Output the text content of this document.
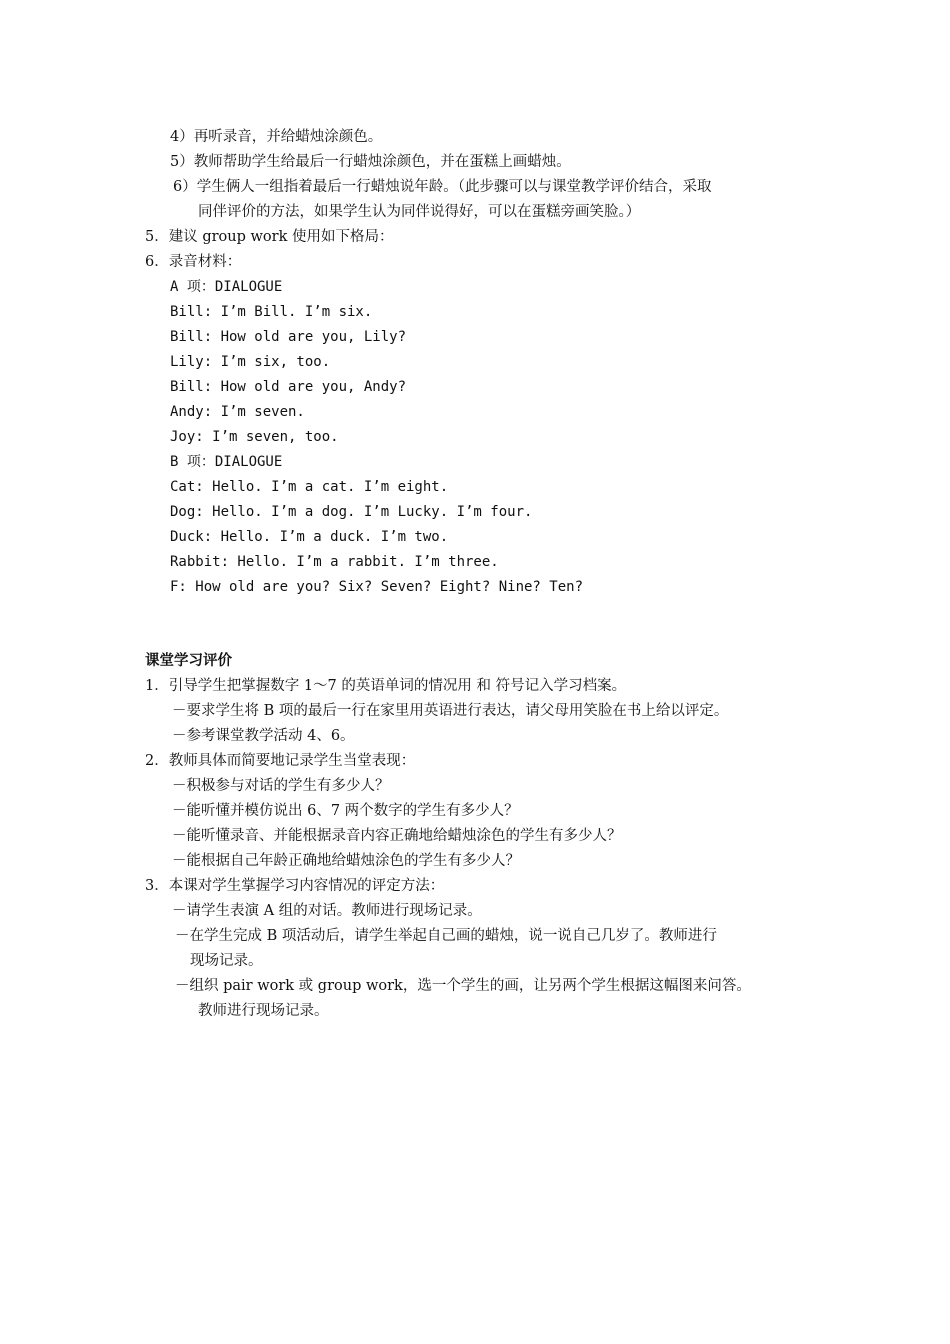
4）再听录音，并给蜡烛涂颜色。
5）教师帮助学生给最后一行蜡烛涂颜色，并在蛋糕上画蜡烛。
6）学生俩人一组指着最后一行蜡烛说年龄。（此步骤可以与课堂教学评价结合，采取
同伴评价的方法，如果学生认为同伴说得好，可以在蛋糕旁画笑脸。）
5．建议 group work 使用如下格局：
6．录音材料：
A 项：DIALOGUE
Bill: I’m Bill. I’m six.
Bill: How old are you, Lily?
Lily: I’m six, too.
Bill: How old are you, Andy?
Andy: I’m seven.
Joy: I’m seven, too.
B 项：DIALOGUE
Cat: Hello. I’m a cat. I’m eight.
Dog: Hello. I’m a dog. I’m Lucky. I’m four.
Duck: Hello. I’m a duck. I’m two.
Rabbit: Hello. I’m a rabbit. I’m three.
F: How old are you? Six? Seven? Eight? Nine? Ten?
课堂学习评价
1．引导学生把掌握数字 1～7 的英语单词的情况用 和 符号记入学习档案。
－要求学生将 B 项的最后一行在家里用英语进行表达，请父母用笑脸在书上给以评定。
－参考课堂教学活动 4、6。
2．教师具体而简要地记录学生当堂表现：
－积极参与对话的学生有多少人？
－能听懂并模仿说出 6、7 两个数字的学生有多少人？
－能听懂录音、并能根据录音内容正确地给蜡烛涂色的学生有多少人？
－能根据自己年龄正确地给蜡烛涂色的学生有多少人？
3．本课对学生掌握学习内容情况的评定方法：
－请学生表演 A 组的对话。教师进行现场记录。
－在学生完成 B 项活动后，请学生举起自己画的蜡烛，说一说自己几岁了。教师进行
现场记录。
－组织 pair work 或 group work，选一个学生的画，让另两个学生根据这幅图来问答。
教师进行现场记录。
